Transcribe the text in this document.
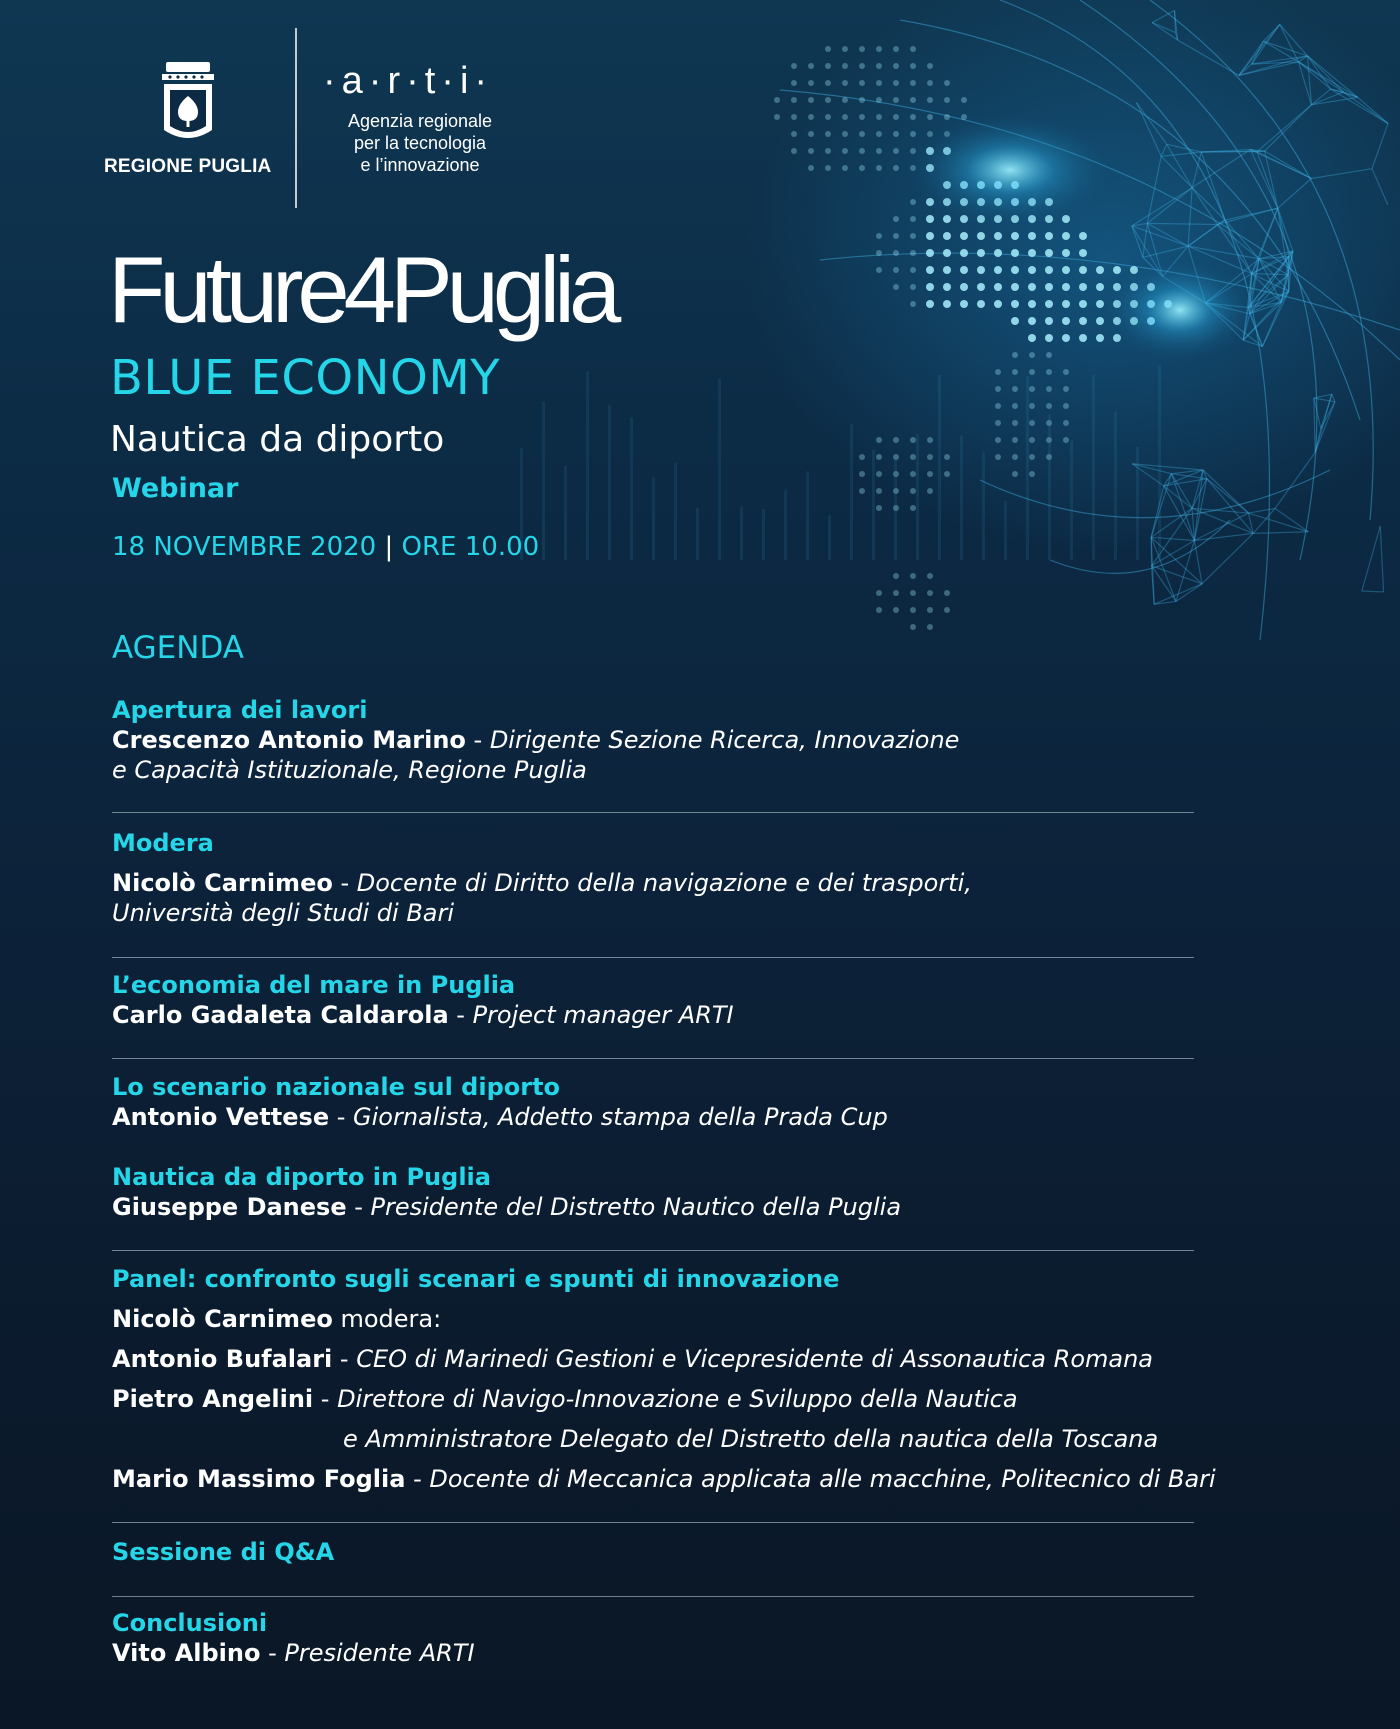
REGIONE PUGLIA
·a·r·t·i·
Agenzia regionale
per la tecnologia
e l’innovazione
Future4Puglia
BLUE ECONOMY
Nautica da diporto
Webinar
18 NOVEMBRE 2020 | ORE 10.00
AGENDA
Apertura dei lavori
Crescenzo Antonio Marino - Dirigente Sezione Ricerca, Innovazione
e Capacità Istituzionale, Regione Puglia
Modera
Nicolò Carnimeo - Docente di Diritto della navigazione e dei trasporti,
Università degli Studi di Bari
L’economia del mare in Puglia
Carlo Gadaleta Caldarola - Project manager ARTI
Lo scenario nazionale sul diporto
Antonio Vettese - Giornalista, Addetto stampa della Prada Cup
Nautica da diporto in Puglia
Giuseppe Danese - Presidente del Distretto Nautico della Puglia
Panel: confronto sugli scenari e spunti di innovazione
Nicolò Carnimeo modera:
Antonio Bufalari - CEO di Marinedi Gestioni e Vicepresidente di Assonautica Romana
Pietro Angelini - Direttore di Navigo-Innovazione e Sviluppo della Nautica
e Amministratore Delegato del Distretto della nautica della Toscana
Mario Massimo Foglia - Docente di Meccanica applicata alle macchine, Politecnico di Bari
Sessione di Q&A
Conclusioni
Vito Albino - Presidente ARTI
